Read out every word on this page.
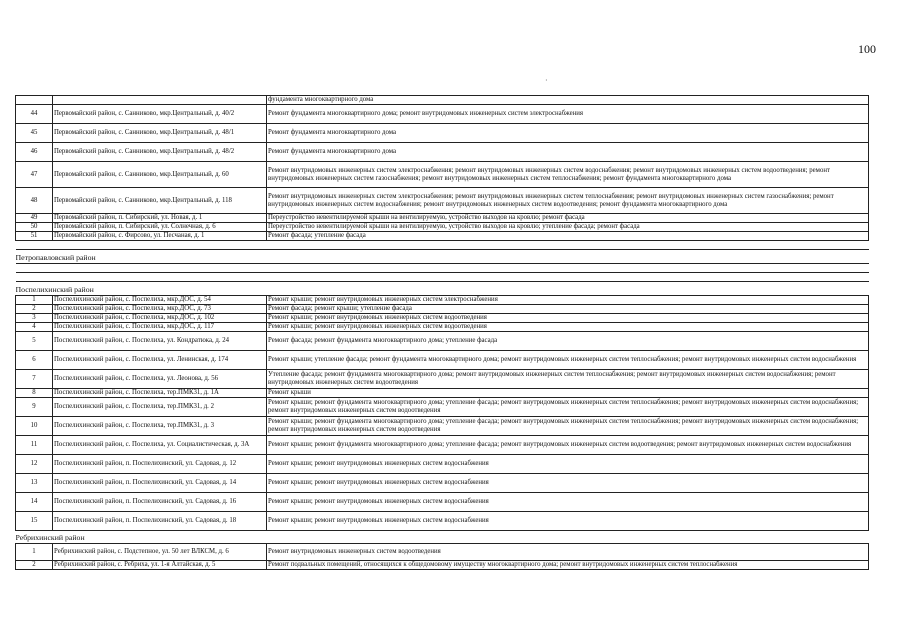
100
·
		фундамента многоквартирного дома
44	Первомайский район, с. Санниково, мкр.Центральный, д. 40/2	Ремонт фундамента многоквартирного дома; ремонт внутридомовых инженерных систем электроснабжения
45	Первомайский район, с. Санниково, мкр.Центральный, д. 48/1	Ремонт фундамента многоквартирного дома
46	Первомайский район, с. Санниково, мкр.Центральный, д. 48/2	Ремонт фундамента многоквартирного дома
47	Первомайский район, с. Санниково, мкр.Центральный, д. 60	Ремонт внутридомовых инженерных систем электроснабжения; ремонт внутридомовых инженерных систем водоснабжения; ремонт внутридомовых инженерных систем водоотведения; ремонт внутридомовых инженерных систем газоснабжения; ремонт внутридомовых инженерных систем теплоснабжения; ремонт фундамента многоквартирного дома
48	Первомайский район, с. Санниково, мкр.Центральный, д. 118	Ремонт внутридомовых инженерных систем электроснабжения; ремонт внутридомовых инженерных систем теплоснабжения; ремонт внутридомовых инженерных систем газоснабжения; ремонт внутридомовых инженерных систем водоснабжения; ремонт внутридомовых инженерных систем водоотведения; ремонт фундамента многоквартирного дома
49	Первомайский район, п. Сибирский, ул. Новая, д. 1	Переустройство невентилируемой крыши на вентилируемую, устройство выходов на кровлю; ремонт фасада
50	Первомайский район, п. Сибирский, ул. Солнечная, д. 6	Переустройство невентилируемой крыши на вентилируемую, устройство выходов на кровлю; утепление фасада; ремонт фасада
51	Первомайский район, с. Фирсово, ул. Песчаная, д. 1	Ремонт фасада; утепление фасада

Петропавловский район		

Поспелихинский район		
1	Поспелихинский район, с. Поспелиха, мкр.ДОС, д. 54	Ремонт крыши; ремонт внутридомовых инженерных систем электроснабжения
2	Поспелихинский район, с. Поспелиха, мкр.ДОС, д. 73	Ремонт фасада; ремонт крыши; утепление фасада
3	Поспелихинский район, с. Поспелиха, мкр.ДОС, д. 102	Ремонт крыши; ремонт внутридомовых инженерных систем водоотведения
4	Поспелихинский район, с. Поспелиха, мкр.ДОС, д. 117	Ремонт крыши; ремонт внутридомовых инженерных систем водоотведения
5	Поспелихинский район, с. Поспелиха, ул. Кондратюка, д. 24	Ремонт фасада; ремонт фундамента многоквартирного дома; утепление фасада
6	Поспелихинский район, с. Поспелиха, ул. Ленинская, д. 174	Ремонт крыши; утепление фасада; ремонт фундамента многоквартирного дома; ремонт внутридомовых инженерных систем теплоснабжения; ремонт внутридомовых инженерных систем водоснабжения
7	Поспелихинский район, с. Поспелиха, ул. Леонова, д. 56	Утепление фасада; ремонт фундамента многоквартирного дома; ремонт внутридомовых инженерных систем теплоснабжения; ремонт внутридомовых инженерных систем водоснабжения; ремонт внутридомовых инженерных систем водоотведения
8	Поспелихинский район, с. Поспелиха, тер.ПМК31, д. 1А	Ремонт крыши
9	Поспелихинский район, с. Поспелиха, тер.ПМК31, д. 2	Ремонт крыши; ремонт фундамента многоквартирного дома; утепление фасада; ремонт внутридомовых инженерных систем теплоснабжения; ремонт внутридомовых инженерных систем водоснабжения; ремонт внутридомовых инженерных систем водоотведения
10	Поспелихинский район, с. Поспелиха, тер.ПМК31, д. 3	Ремонт крыши; ремонт фундамента многоквартирного дома; утепление фасада; ремонт внутридомовых инженерных систем теплоснабжения; ремонт внутридомовых инженерных систем водоснабжения; ремонт внутридомовых инженерных систем водоотведения
11	Поспелихинский район, с. Поспелиха, ул. Социалистическая, д. 3А	Ремонт крыши; ремонт фундамента многоквартирного дома; утепление фасада; ремонт внутридомовых инженерных систем водоотведения; ремонт внутридомовых инженерных систем водоснабжения
12	Поспелихинский район, п. Поспелихинский, ул. Садовая, д. 12	Ремонт крыши; ремонт внутридомовых инженерных систем водоснабжения
13	Поспелихинский район, п. Поспелихинский, ул. Садовая, д. 14	Ремонт крыши; ремонт внутридомовых инженерных систем водоснабжения
14	Поспелихинский район, п. Поспелихинский, ул. Садовая, д. 16	Ремонт крыши; ремонт внутридомовых инженерных систем водоснабжения
15	Поспелихинский район, п. Поспелихинский, ул. Садовая, д. 18	Ремонт крыши; ремонт внутридомовых инженерных систем водоснабжения
Ребрихинский район		
1	Ребрихинский район, с. Подстепное, ул. 50 лет ВЛКСМ, д. 6	Ремонт внутридомовых инженерных систем водоотведения
2	Ребрихинский район, с. Ребриха, ул. 1-я Алтайская, д. 5	Ремонт подвальных помещений, относящихся к общедомовому имуществу многоквартирного дома; ремонт внутридомовых инженерных систем теплоснабжения
